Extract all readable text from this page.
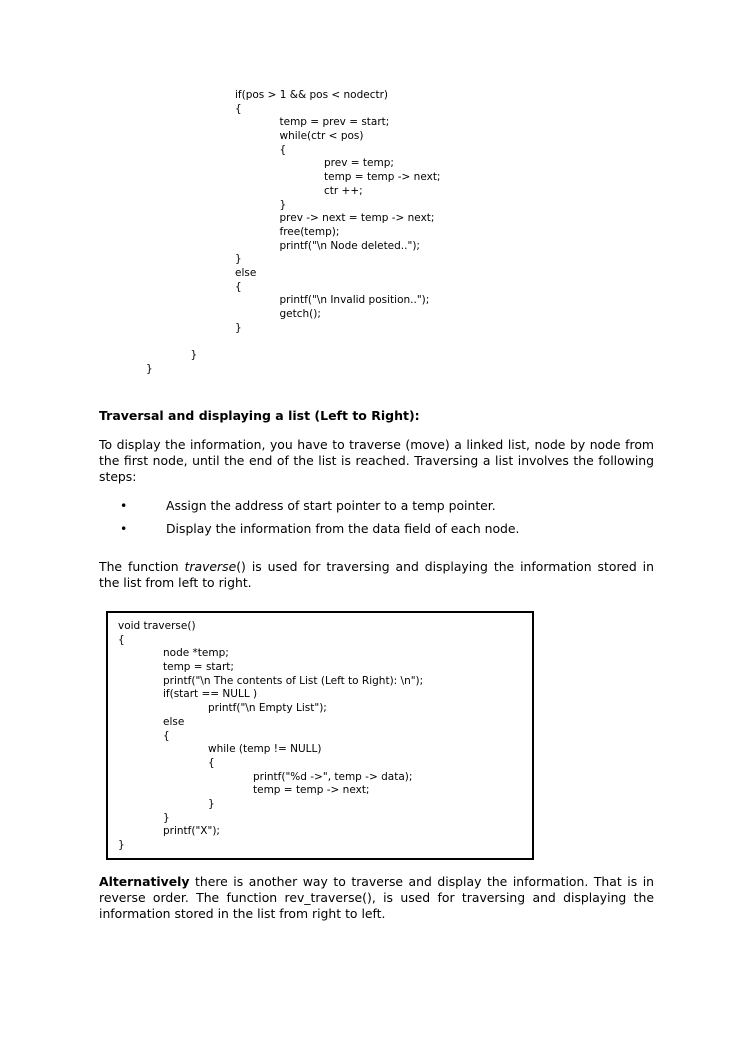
if(pos > 1 && pos < nodectr)
{
temp = prev = start;
while(ctr < pos)
{
prev = temp;
temp = temp -> next;
ctr ++;
}
prev -> next = temp -> next;
free(temp);
printf("\n Node deleted..");
}
else
{
printf("\n Invalid position..");
getch();
}
}
}
Traversal and displaying a list (Left to Right):
To display the information, you have to traverse (move) a linked list, node by node from the first node, until the end of the list is reached. Traversing a list involves the following steps:
•	Assign the address of start pointer to a temp pointer.
•	Display the information from the data field of each node.
The function traverse() is used for traversing and displaying the information stored in the list from left to right.
void traverse()
{
node *temp;
temp = start;
printf("\n The contents of List (Left to Right): \n");
if(start == NULL )
printf("\n Empty List");
else
{
while (temp != NULL)
{
printf("%d ->", temp -> data);
temp = temp -> next;
}
}
printf("X");
}
Alternatively there is another way to traverse and display the information. That is in reverse order. The function rev_traverse(), is used for traversing and displaying the information stored in the list from right to left.
